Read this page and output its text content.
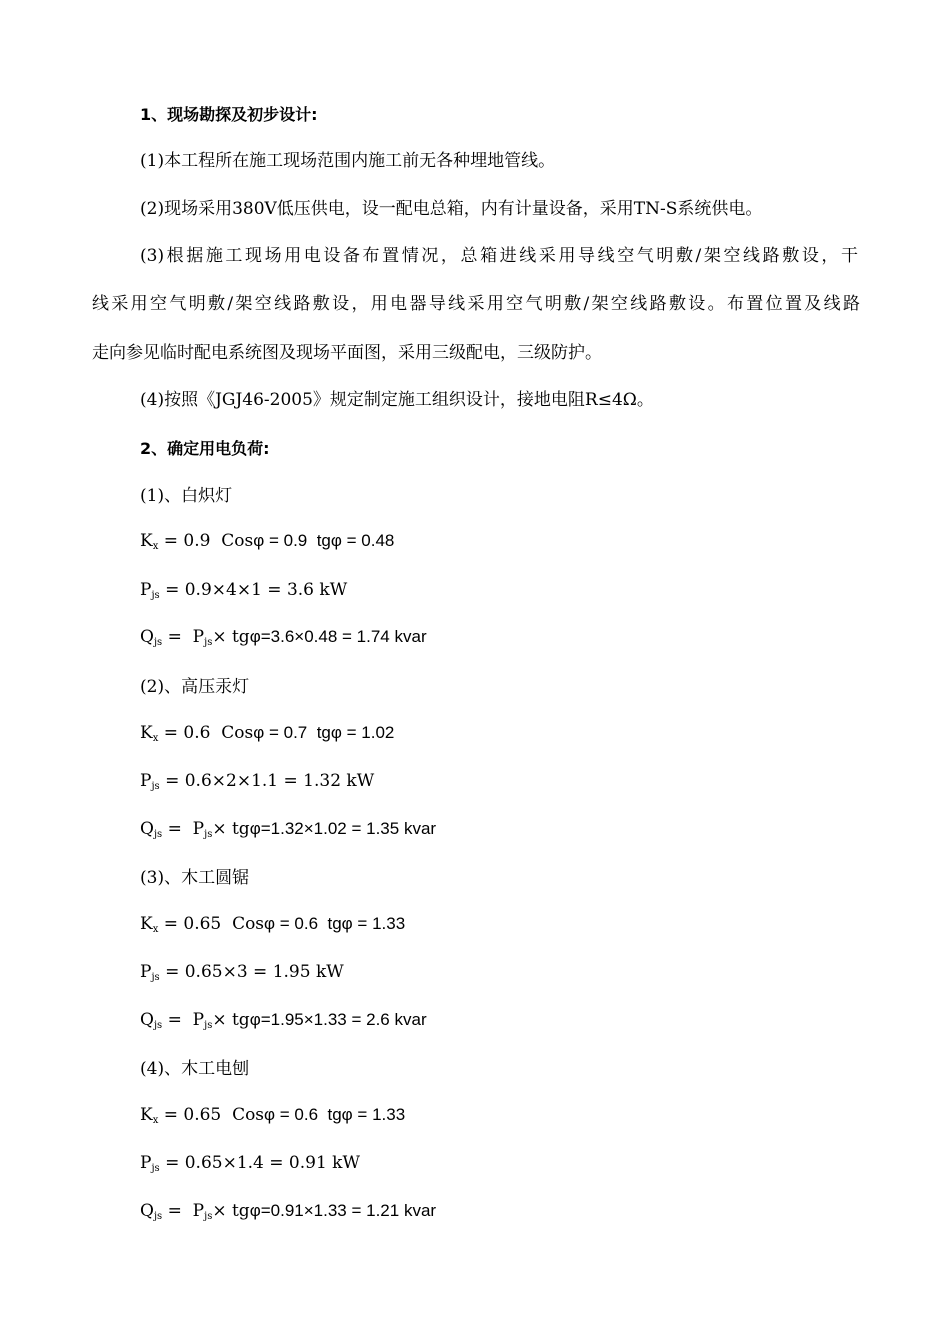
1、现场勘探及初步设计:
(1)本工程所在施工现场范围内施工前无各种埋地管线。
(2)现场采用380V低压供电，设一配电总箱，内有计量设备，采用TN-S系统供电。
(3)根据施工现场用电设备布置情况，总箱进线采用导线空气明敷/架空线路敷设，干
线采用空气明敷/架空线路敷设，用电器导线采用空气明敷/架空线路敷设。布置位置及线路
走向参见临时配电系统图及现场平面图，采用三级配电，三级防护。
(4)按照《JGJ46-2005》规定制定施工组织设计，接地电阻R≤4Ω。
2、确定用电负荷:
(1)、白炽灯
$K_x = 0.9$  Cosφ = 0.9  tgφ = 0.48
$P_{js} = 0.9\times 4\times 1 = 3.6$ kW
$Q_{js} = P_{js}\times tg\varphi=3.6\times 0.48 = 1.74$ kvar
(2)、高压汞灯
$K_x = 0.6$  Cosφ = 0.7  tgφ = 1.02
$P_{js} = 0.6\times 2\times 1.1 = 1.32$ kW
$Q_{js} = P_{js}\times tg\varphi=1.32\times 1.02 = 1.35$ kvar
(3)、木工圆锯
$K_x = 0.65$  Cosφ = 0.6  tgφ = 1.33
$P_{js} = 0.65\times 3 = 1.95$ kW
$Q_{js} = P_{js}\times tg\varphi=1.95\times 1.33 = 2.6$ kvar
(4)、木工电刨
$K_x = 0.65$  Cosφ = 0.6  tgφ = 1.33
$P_{js} = 0.65\times 1.4 = 0.91$ kW
$Q_{js} = P_{js}\times tg\varphi=0.91\times 1.33 = 1.21$ kvar
